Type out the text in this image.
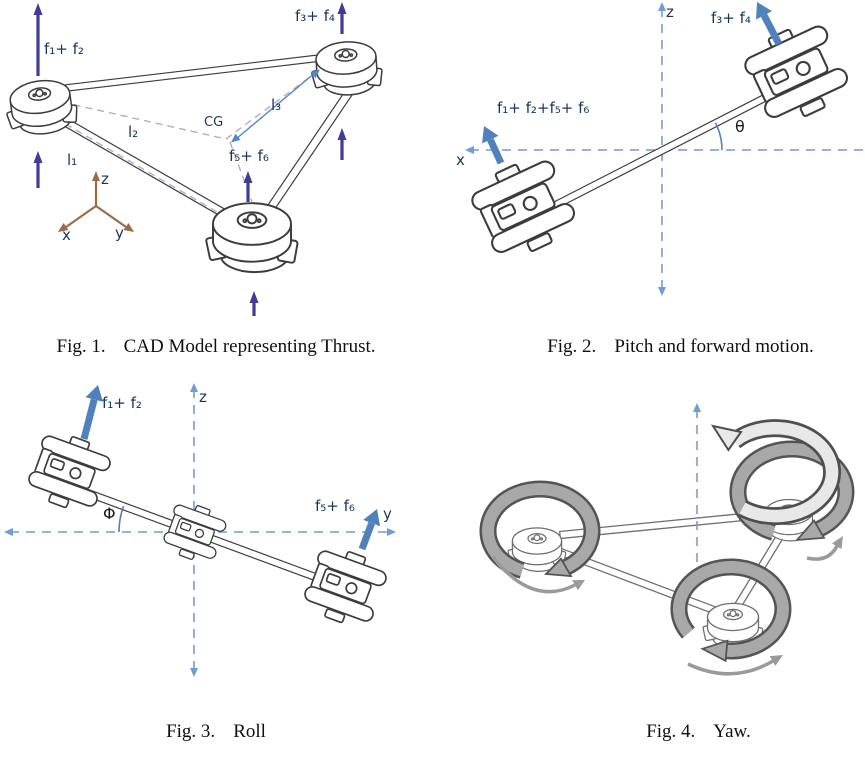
f₁+ f₂
f₃+ f₄
f₅+ f₆
CG
l₁
l₂
l₃
z
x	y
z
x
f₃+ f₄
f₁+ f₂+f₅+ f₆
θ
z
y
f₁+ f₂
f₅+ f₆
Φ
Fig. 1. CAD Model representing Thrust.	Fig. 2. Pitch and forward motion.
Fig. 3. Roll	Fig. 4. Yaw.
